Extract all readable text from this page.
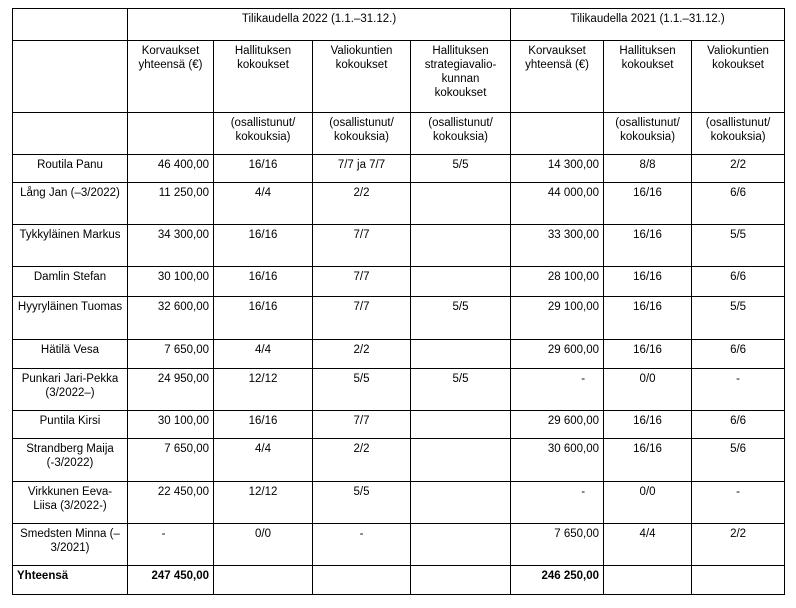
	Tilikaudella 2022 (1.1.–31.12.)				Tilikaudella 2021 (1.1.–31.12.)		
	Korvaukset yhteensä (€)	Hallituksen kokoukset	Valiokuntien kokoukset	Hallituksen strategiavalio-kunnan kokoukset	Korvaukset yhteensä (€)	Hallituksen kokoukset	Valiokuntien kokoukset
		(osallistunut/ kokouksia)	(osallistunut/ kokouksia)	(osallistunut/ kokouksia)		(osallistunut/ kokouksia)	(osallistunut/ kokouksia)
Routila Panu	46 400,00	16/16	7/7 ja 7/7	5/5	14 300,00	8/8	2/2
Lång Jan (–3/2022)	11 250,00	4/4	2/2		44 000,00	16/16	6/6
Tykkyläinen Markus	34 300,00	16/16	7/7		33 300,00	16/16	5/5
Damlin Stefan	30 100,00	16/16	7/7		28 100,00	16/16	6/6
Hyyryläinen Tuomas	32 600,00	16/16	7/7	5/5	29 100,00	16/16	5/5
Hätilä Vesa	7 650,00	4/4	2/2		29 600,00	16/16	6/6
Punkari Jari-Pekka (3/2022–)	24 950,00	12/12	5/5	5/5	-	0/0	-
Puntila Kirsi	30 100,00	16/16	7/7		29 600,00	16/16	6/6
Strandberg Maija (-3/2022)	7 650,00	4/4	2/2		30 600,00	16/16	5/6
Virkkunen Eeva-Liisa (3/2022-)	22 450,00	12/12	5/5		-	0/0	-
Smedsten Minna (–3/2021)	-	0/0	-		7 650,00	4/4	2/2
Yhteensä	247 450,00				246 250,00		
